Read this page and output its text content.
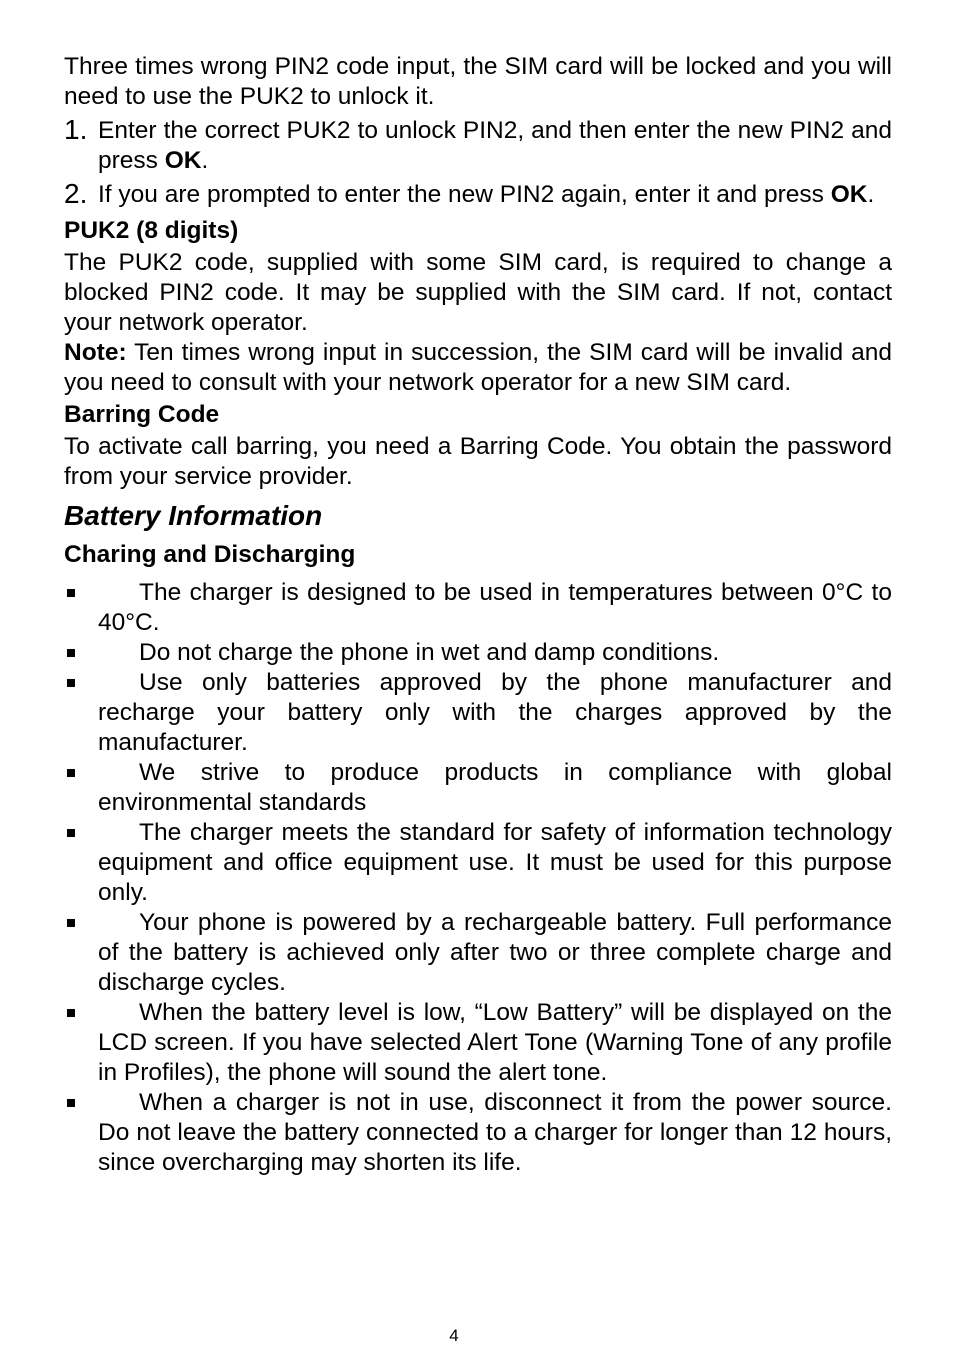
Three times wrong PIN2 code input, the SIM card will be locked and you will need to use the PUK2 to unlock it.

1. Enter the correct PUK2 to unlock PIN2, and then enter the new PIN2 and press OK.
2. If you are prompted to enter the new PIN2 again, enter it and press OK.
PUK2 (8 digits)

The PUK2 code, supplied with some SIM card, is required to change a blocked PIN2 code. It may be supplied with the SIM card. If not, contact your network operator.

Note: Ten times wrong input in succession, the SIM card will be invalid and you need to consult with your network operator for a new SIM card.

Barring Code

To activate call barring, you need a Barring Code. You obtain the password from your service provider.

Battery Information
Charing and Discharging
The charger is designed to be used in temperatures between 0°C to 40°C.
Do not charge the phone in wet and damp conditions.
Use only batteries approved by the phone manufacturer and recharge your battery only with the charges approved by the manufacturer.
We strive to produce products in compliance with global environmental standards
The charger meets the standard for safety of information technology equipment and office equipment use. It must be used for this purpose only.
Your phone is powered by a rechargeable battery. Full performance of the battery is achieved only after two or three complete charge and discharge cycles.
When the battery level is low, “Low Battery” will be displayed on the LCD screen. If you have selected Alert Tone (Warning Tone of any profile in Profiles), the phone will sound the alert tone.
When a charger is not in use, disconnect it from the power source. Do not leave the battery connected to a charger for longer than 12 hours, since overcharging may shorten its life.
4
